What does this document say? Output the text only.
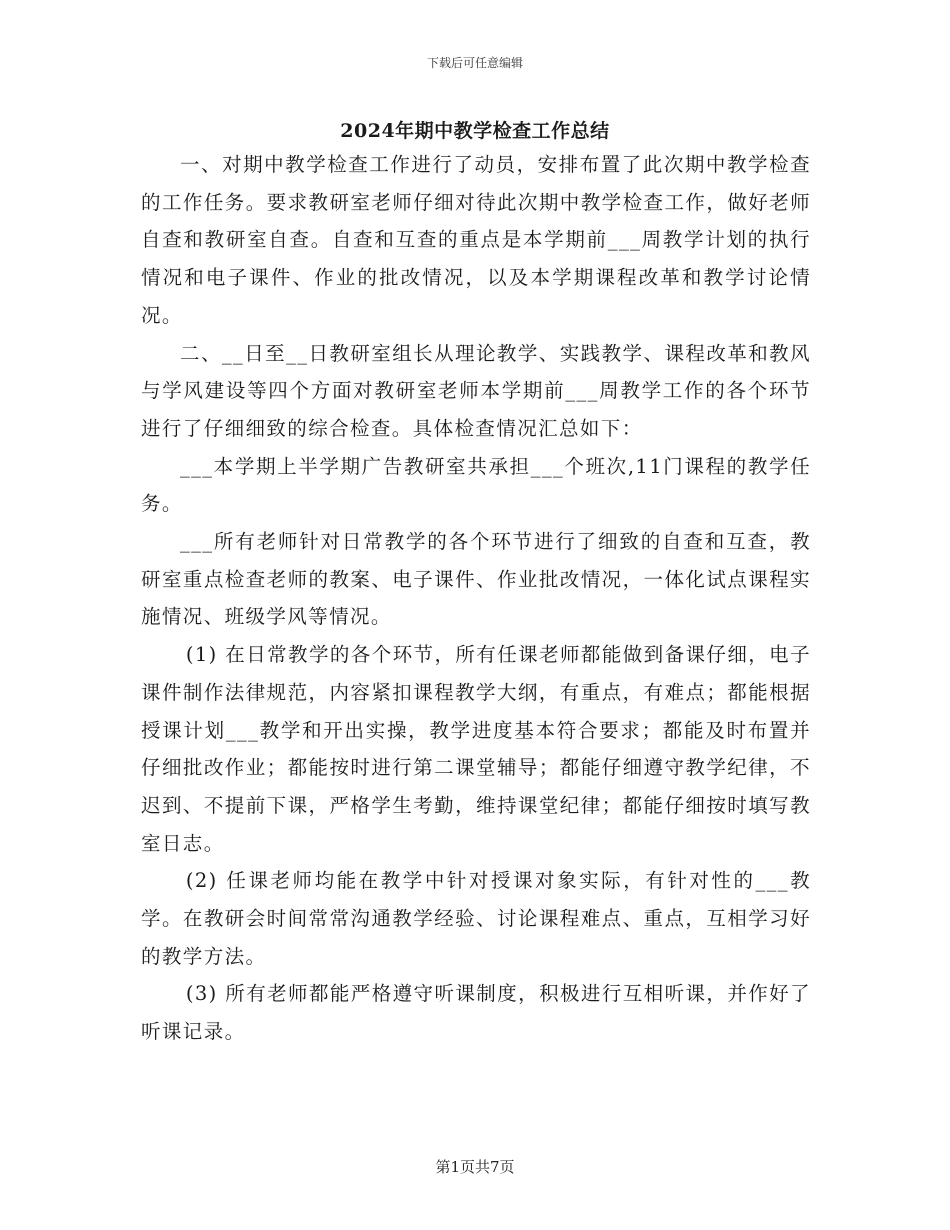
下载后可任意编辑
2024年期中教学检查工作总结

一、对期中教学检查工作进行了动员，安排布置了此次期中教学检查的工作任务。要求教研室老师仔细对待此次期中教学检查工作，做好老师自查和教研室自查。自查和互查的重点是本学期前___周教学计划的执行情况和电子课件、作业的批改情况，以及本学期课程改革和教学讨论情况。

二、__日至__日教研室组长从理论教学、实践教学、课程改革和教风与学风建设等四个方面对教研室老师本学期前___周教学工作的各个环节进行了仔细细致的综合检查。具体检查情况汇总如下：

___本学期上半学期广告教研室共承担___个班次,11门课程的教学任务。

___所有老师针对日常教学的各个环节进行了细致的自查和互查，教研室重点检查老师的教案、电子课件、作业批改情况，一体化试点课程实施情况、班级学风等情况。

(1) 在日常教学的各个环节，所有任课老师都能做到备课仔细，电子课件制作法律规范，内容紧扣课程教学大纲，有重点，有难点；都能根据授课计划___教学和开出实操，教学进度基本符合要求；都能及时布置并仔细批改作业；都能按时进行第二课堂辅导；都能仔细遵守教学纪律，不迟到、不提前下课，严格学生考勤，维持课堂纪律；都能仔细按时填写教室日志。

(2) 任课老师均能在教学中针对授课对象实际，有针对性的___教学。在教研会时间常常沟通教学经验、讨论课程难点、重点，互相学习好的教学方法。

(3) 所有老师都能严格遵守听课制度，积极进行互相听课，并作好了听课记录。

第1页共7页
